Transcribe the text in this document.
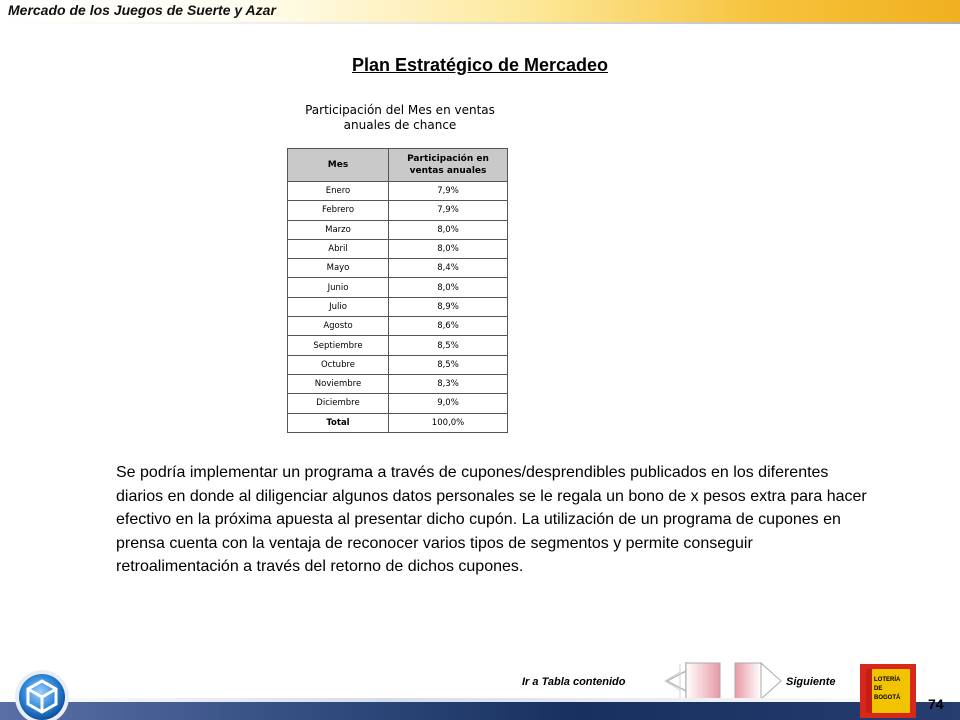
Mercado de los Juegos de Suerte y Azar
Plan Estratégico de Mercadeo
Participación del Mes en ventas
anuales de chance
Mes	Participación en
ventas anuales

Enero	7,9%
Febrero	7,9%
Marzo	8,0%
Abril	8,0%
Mayo	8,4%
Junio	8,0%
Julio	8,9%
Agosto	8,6%
Septiembre	8,5%
Octubre	8,5%
Noviembre	8,3%
Diciembre	9,0%
Total	100,0%
Se podría implementar un programa a través de cupones/desprendibles publicados en los diferentes diarios en donde al diligenciar algunos datos personales se le regala un bono de x pesos extra para hacer efectivo en la próxima apuesta al presentar dicho cupón. La utilización de un programa de cupones en prensa cuenta con la ventaja de reconocer varios tipos de segmentos y permite conseguir retroalimentación a través del retorno de dichos cupones.
Ir a Tabla contenido	Siguiente	LOTERÍA
DE
BOGOTÁ 74
